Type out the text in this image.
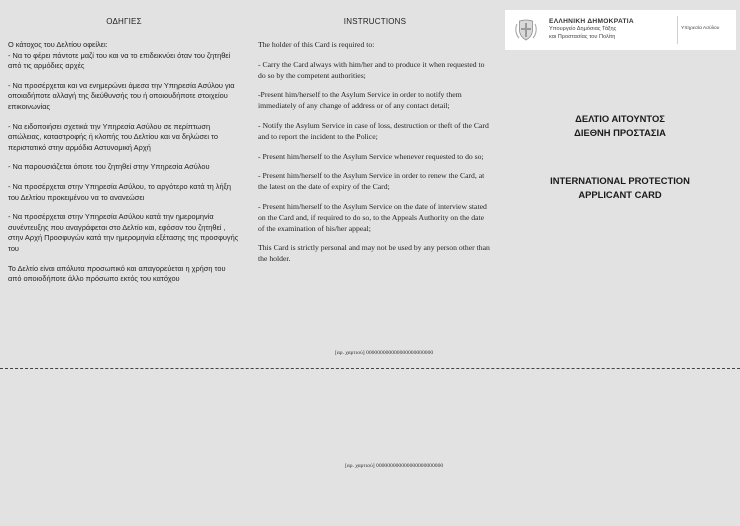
ΟΔΗΓΙΕΣ

Ο κάτοχος του Δελτίου οφείλει:

- Να το φέρει πάντοτε μαζί του και να το επιδεικνύει όταν του ζητηθεί από τις αρμόδιες αρχές

- Να προσέρχεται και να ενημερώνει άμεσα την Υπηρεσία Ασύλου για οποιαδήποτε αλλαγή της διεύθυνσής του ή οποιουδήποτε στοιχείου επικοινωνίας

- Να ειδοποιήσει σχετικά την Υπηρεσία Ασύλου σε περίπτωση απώλειας, καταστροφής ή κλοπής του Δελτίου και να δηλώσει το περιστατικό στην αρμόδια Αστυνομική Αρχή

- Να παρουσιάζεται όποτε του ζητηθεί στην Υπηρεσία Ασύλου

- Να προσέρχεται στην Υπηρεσία Ασύλου, το αργότερο κατά τη λήξη του Δελτίου προκειμένου να το ανανεώσει

- Να προσέρχεται στην Υπηρεσία Ασύλου κατά την ημερομηνία συνέντευξης που αναγράφεται στο Δελτίο και, εφόσον του ζητηθεί , στην Αρχή Προσφυγών κατά την ημερομηνία εξέτασης της προσφυγής του

Το Δελτίο είναι απόλυτα προσωπικό και απαγορεύεται η χρήση του από οποιοδήποτε άλλο πρόσωπο εκτός του κατόχου

INSTRUCTIONS

The holder of this Card is required to:

- Carry the Card always with him/her and to produce it when requested to do so by the competent authorities;

-Present him/herself to the Asylum Service in order to notify them immediately of any change of address or of any contact detail;

- Notify the Asylum Service in case of loss, destruction or theft of the Card and to report the incident to the Police;

- Present him/herself to the Asylum Service whenever requested to do so;

- Present him/herself to the Asylum Service in order to renew the Card, at the latest on the date of expiry of the Card;

- Present him/herself to the Asylum Service on the date of interview stated on the Card and, if required to do so, to the Appeals Authority on the date of the examination of his/her appeal;

This Card is strictly personal and may not be used by any person other than the holder.

[αρ. χαρτιού] 000000000000000000000000
ΕΛΛΗΝΙΚΗ ΔΗΜΟΚΡΑΤΙΑ
Υπουργείο Δημόσιας Τάξης
και Προστασίας του Πολίτη
Υπηρεσία Ασύλου
ΔΕΛΤΙΟ ΑΙΤΟΥΝΤΟΣ
ΔΙΕΘΝΗ ΠΡΟΣΤΑΣΙΑ
INTERNATIONAL PROTECTION
APPLICANT CARD
[αρ. χαρτιού] 000000000000000000000000
